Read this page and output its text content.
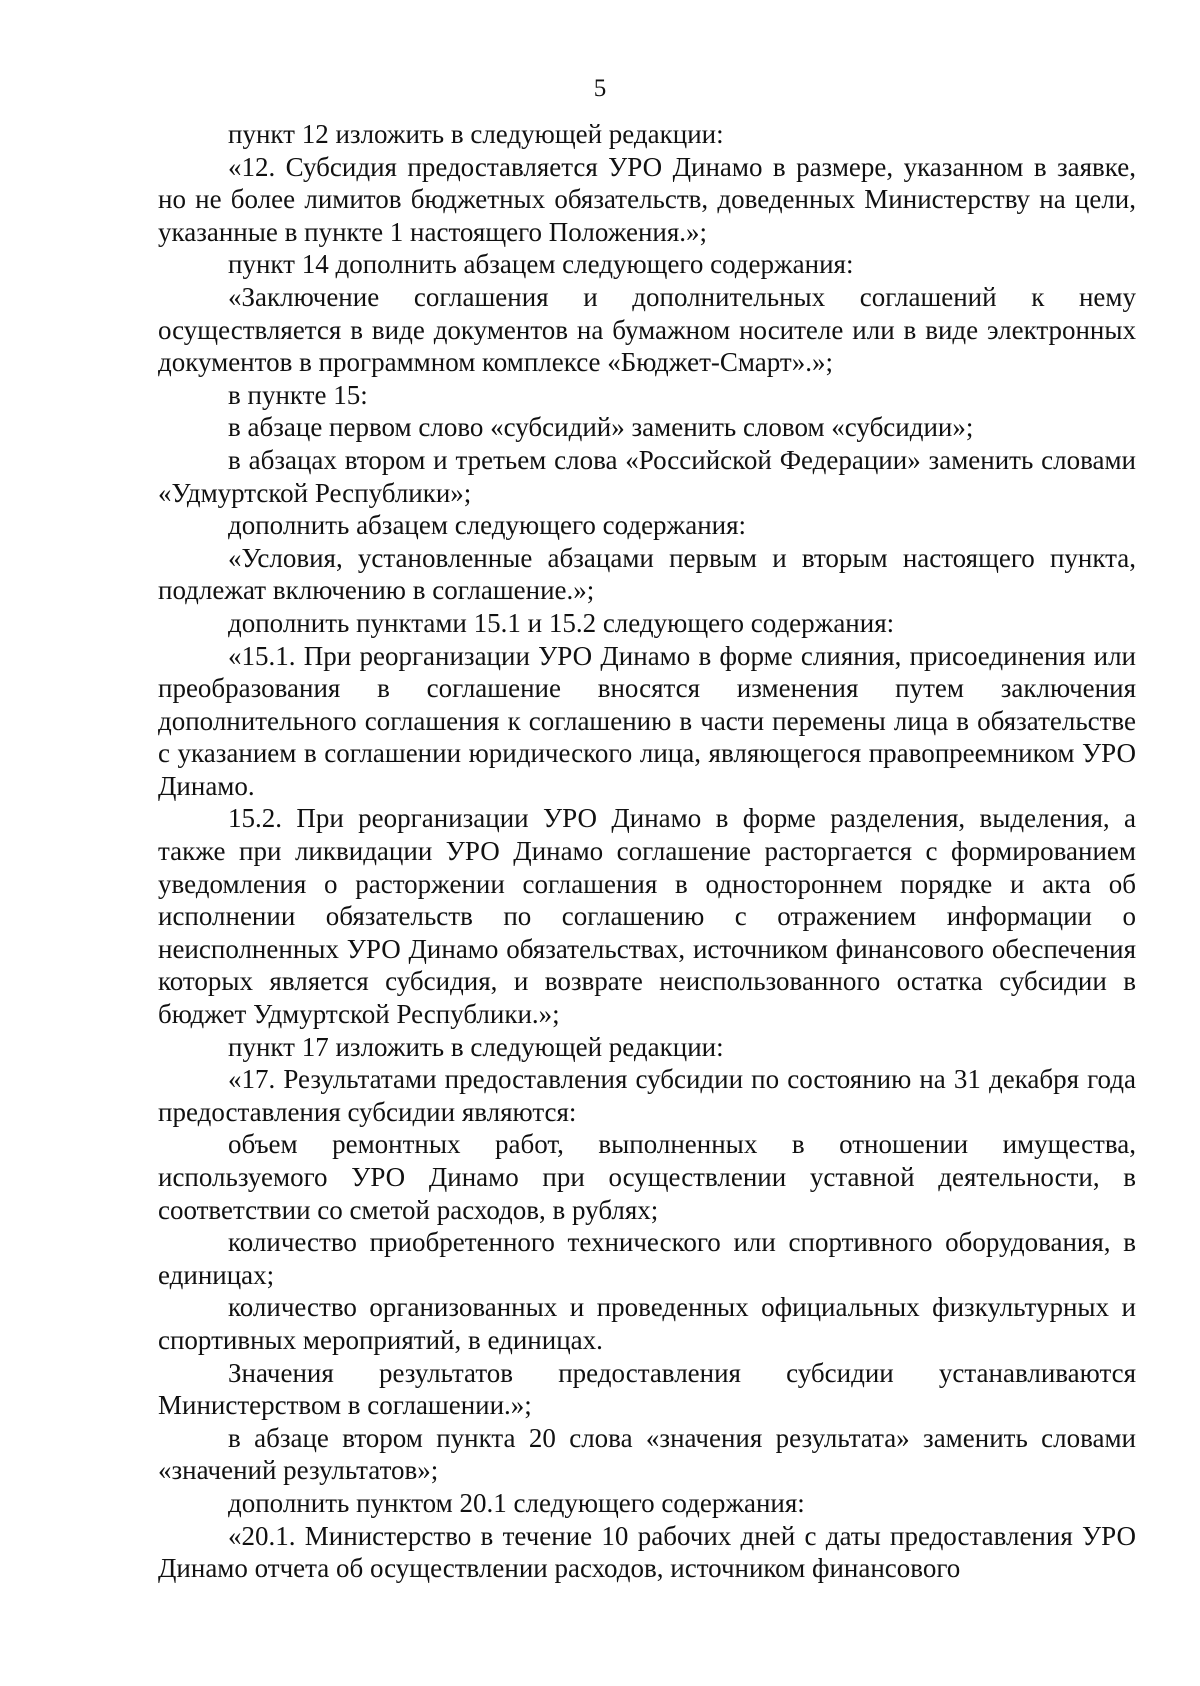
5

пункт 12 изложить в следующей редакции:

«12. Субсидия предоставляется УРО Динамо в размере, указанном в заявке, но не более лимитов бюджетных обязательств, доведенных Министерству на цели, указанные в пункте 1 настоящего Положения.»;

пункт 14 дополнить абзацем следующего содержания:

«Заключение соглашения и дополнительных соглашений к нему осуществляется в виде документов на бумажном носителе или в виде электронных документов в программном комплексе «Бюджет-Смарт».»;

в пункте 15:

в абзаце первом слово «субсидий» заменить словом «субсидии»;

в абзацах втором и третьем слова «Российской Федерации» заменить словами «Удмуртской Республики»;

дополнить абзацем следующего содержания:

«Условия, установленные абзацами первым и вторым настоящего пункта, подлежат включению в соглашение.»;

дополнить пунктами 15.1 и 15.2 следующего содержания:

«15.1. При реорганизации УРО Динамо в форме слияния, присоединения или преобразования в соглашение вносятся изменения путем заключения дополнительного соглашения к соглашению в части перемены лица в обязательстве с указанием в соглашении юридического лица, являющегося правопреемником УРО Динамо.

15.2. При реорганизации УРО Динамо в форме разделения, выделения, а также при ликвидации УРО Динамо соглашение расторгается с формированием уведомления о расторжении соглашения в одностороннем порядке и акта об исполнении обязательств по соглашению с отражением информации о неисполненных УРО Динамо обязательствах, источником финансового обеспечения которых является субсидия, и возврате неиспользованного остатка субсидии в бюджет Удмуртской Республики.»;

пункт 17 изложить в следующей редакции:

«17. Результатами предоставления субсидии по состоянию на 31 декабря года предоставления субсидии являются:

объем ремонтных работ, выполненных в отношении имущества, используемого УРО Динамо при осуществлении уставной деятельности, в соответствии со сметой расходов, в рублях;

количество приобретенного технического или спортивного оборудования, в единицах;

количество организованных и проведенных официальных физкультурных и спортивных мероприятий, в единицах.

Значения результатов предоставления субсидии устанавливаются Министерством в соглашении.»;

в абзаце втором пункта 20 слова «значения результата» заменить словами «значений результатов»;

дополнить пунктом 20.1 следующего содержания:

«20.1. Министерство в течение 10 рабочих дней с даты предоставления УРО Динамо отчета об осуществлении расходов, источником финансового
